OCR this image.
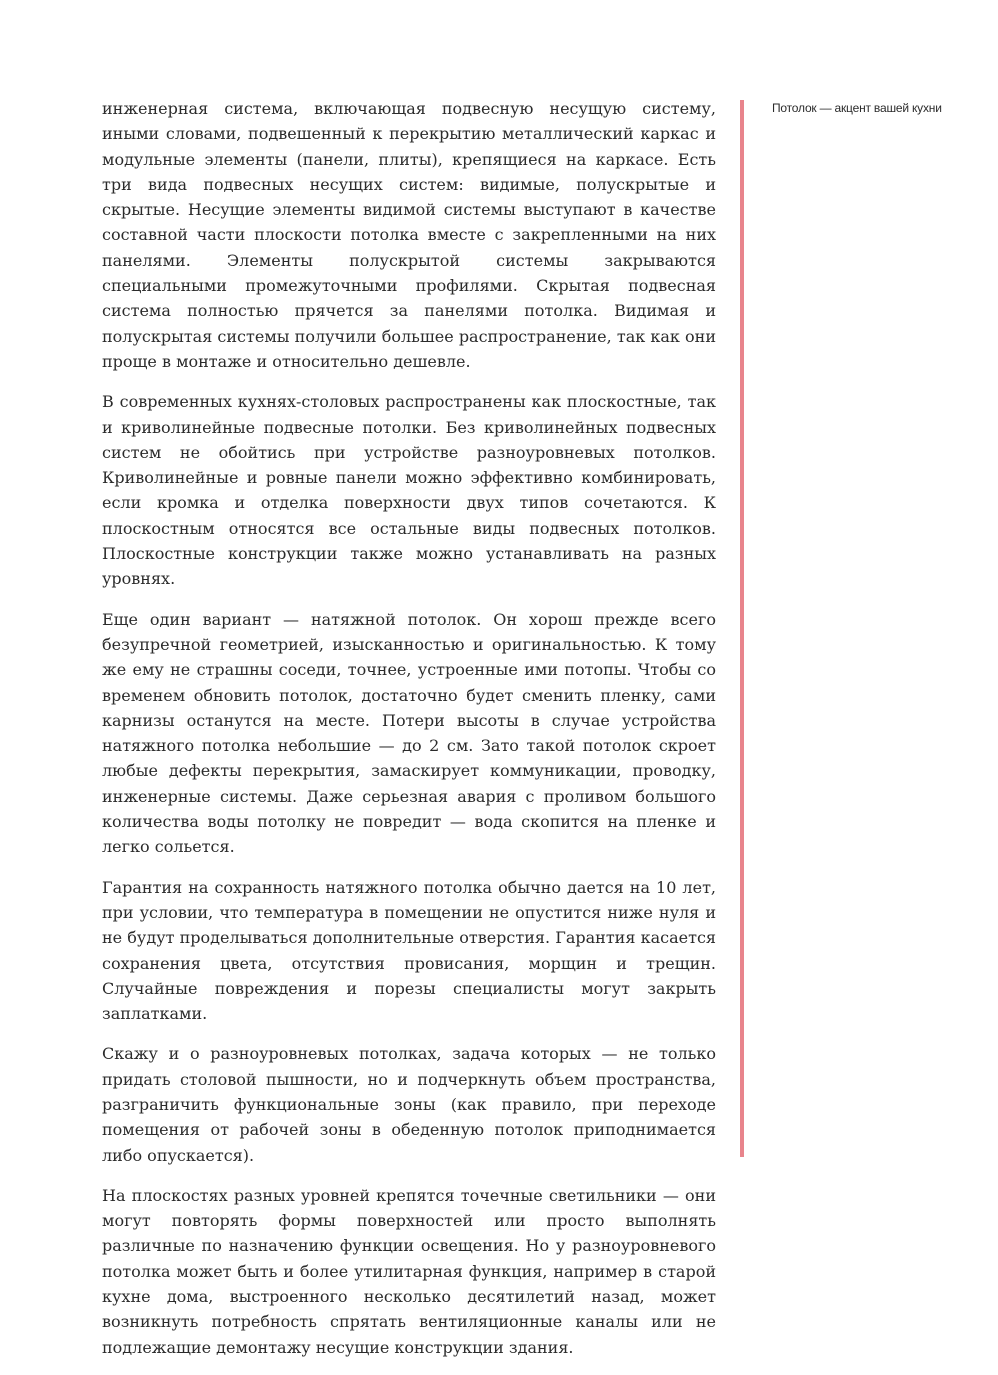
инженерная система, включающая подвесную несущую систему, иными словами, подвешенный к перекрытию металлический каркас и модульные элементы (панели, плиты), крепящиеся на каркасе. Есть три вида подвесных несущих систем: видимые, полускрытые и скрытые. Несущие элементы видимой системы выступают в качестве составной части плоскости потолка вместе с закрепленными на них панелями. Элементы полускрытой системы закрываются специальными промежуточными профилями. Скрытая подвесная система полностью прячется за панелями потолка. Видимая и полускрытая системы получили большее распространение, так как они проще в монтаже и относительно дешевле.

В современных кухнях-столовых распространены как плоскостные, так и криволинейные подвесные потолки. Без криволинейных подвесных систем не обойтись при устройстве разноуровневых потолков. Криволинейные и ровные панели можно эффективно комбинировать, если кромка и отделка поверхности двух типов сочетаются. К плоскостным относятся все остальные виды подвесных потолков. Плоскостные конструкции также можно устанавливать на разных уровнях.

Еще один вариант — натяжной потолок. Он хорош прежде всего безупречной геометрией, изысканностью и оригинальностью. К тому же ему не страшны соседи, точнее, устроенные ими потопы. Чтобы со временем обновить потолок, достаточно будет сменить пленку, сами карнизы останутся на месте. Потери высоты в случае устройства натяжного потолка небольшие — до 2 см. Зато такой потолок скроет любые дефекты перекрытия, замаскирует коммуникации, проводку, инженерные системы. Даже серьезная авария с проливом большого количества воды потолку не повредит — вода скопится на пленке и легко сольется.

Гарантия на сохранность натяжного потолка обычно дается на 10 лет, при условии, что температура в помещении не опустится ниже нуля и не будут проделываться дополнительные отверстия. Гарантия касается сохранения цвета, отсутствия провисания, морщин и трещин. Случайные повреждения и порезы специалисты могут закрыть заплатками.

Скажу и о разноуровневых потолках, задача которых — не только придать столовой пышности, но и подчеркнуть объем пространства, разграничить функциональные зоны (как правило, при переходе помещения от рабочей зоны в обеденную потолок приподнимается либо опускается).

На плоскостях разных уровней крепятся точечные светильники — они могут повторять формы поверхностей или просто выполнять различные по назначению функции освещения. Но у разноуровневого потолка может быть и более утилитарная функция, например в старой кухне дома, выстроенного несколько десятилетий назад, может возникнуть потребность спрятать вентиляционные каналы или не подлежащие демонтажу несущие конструкции здания.

Потолок — акцент вашей кухни
